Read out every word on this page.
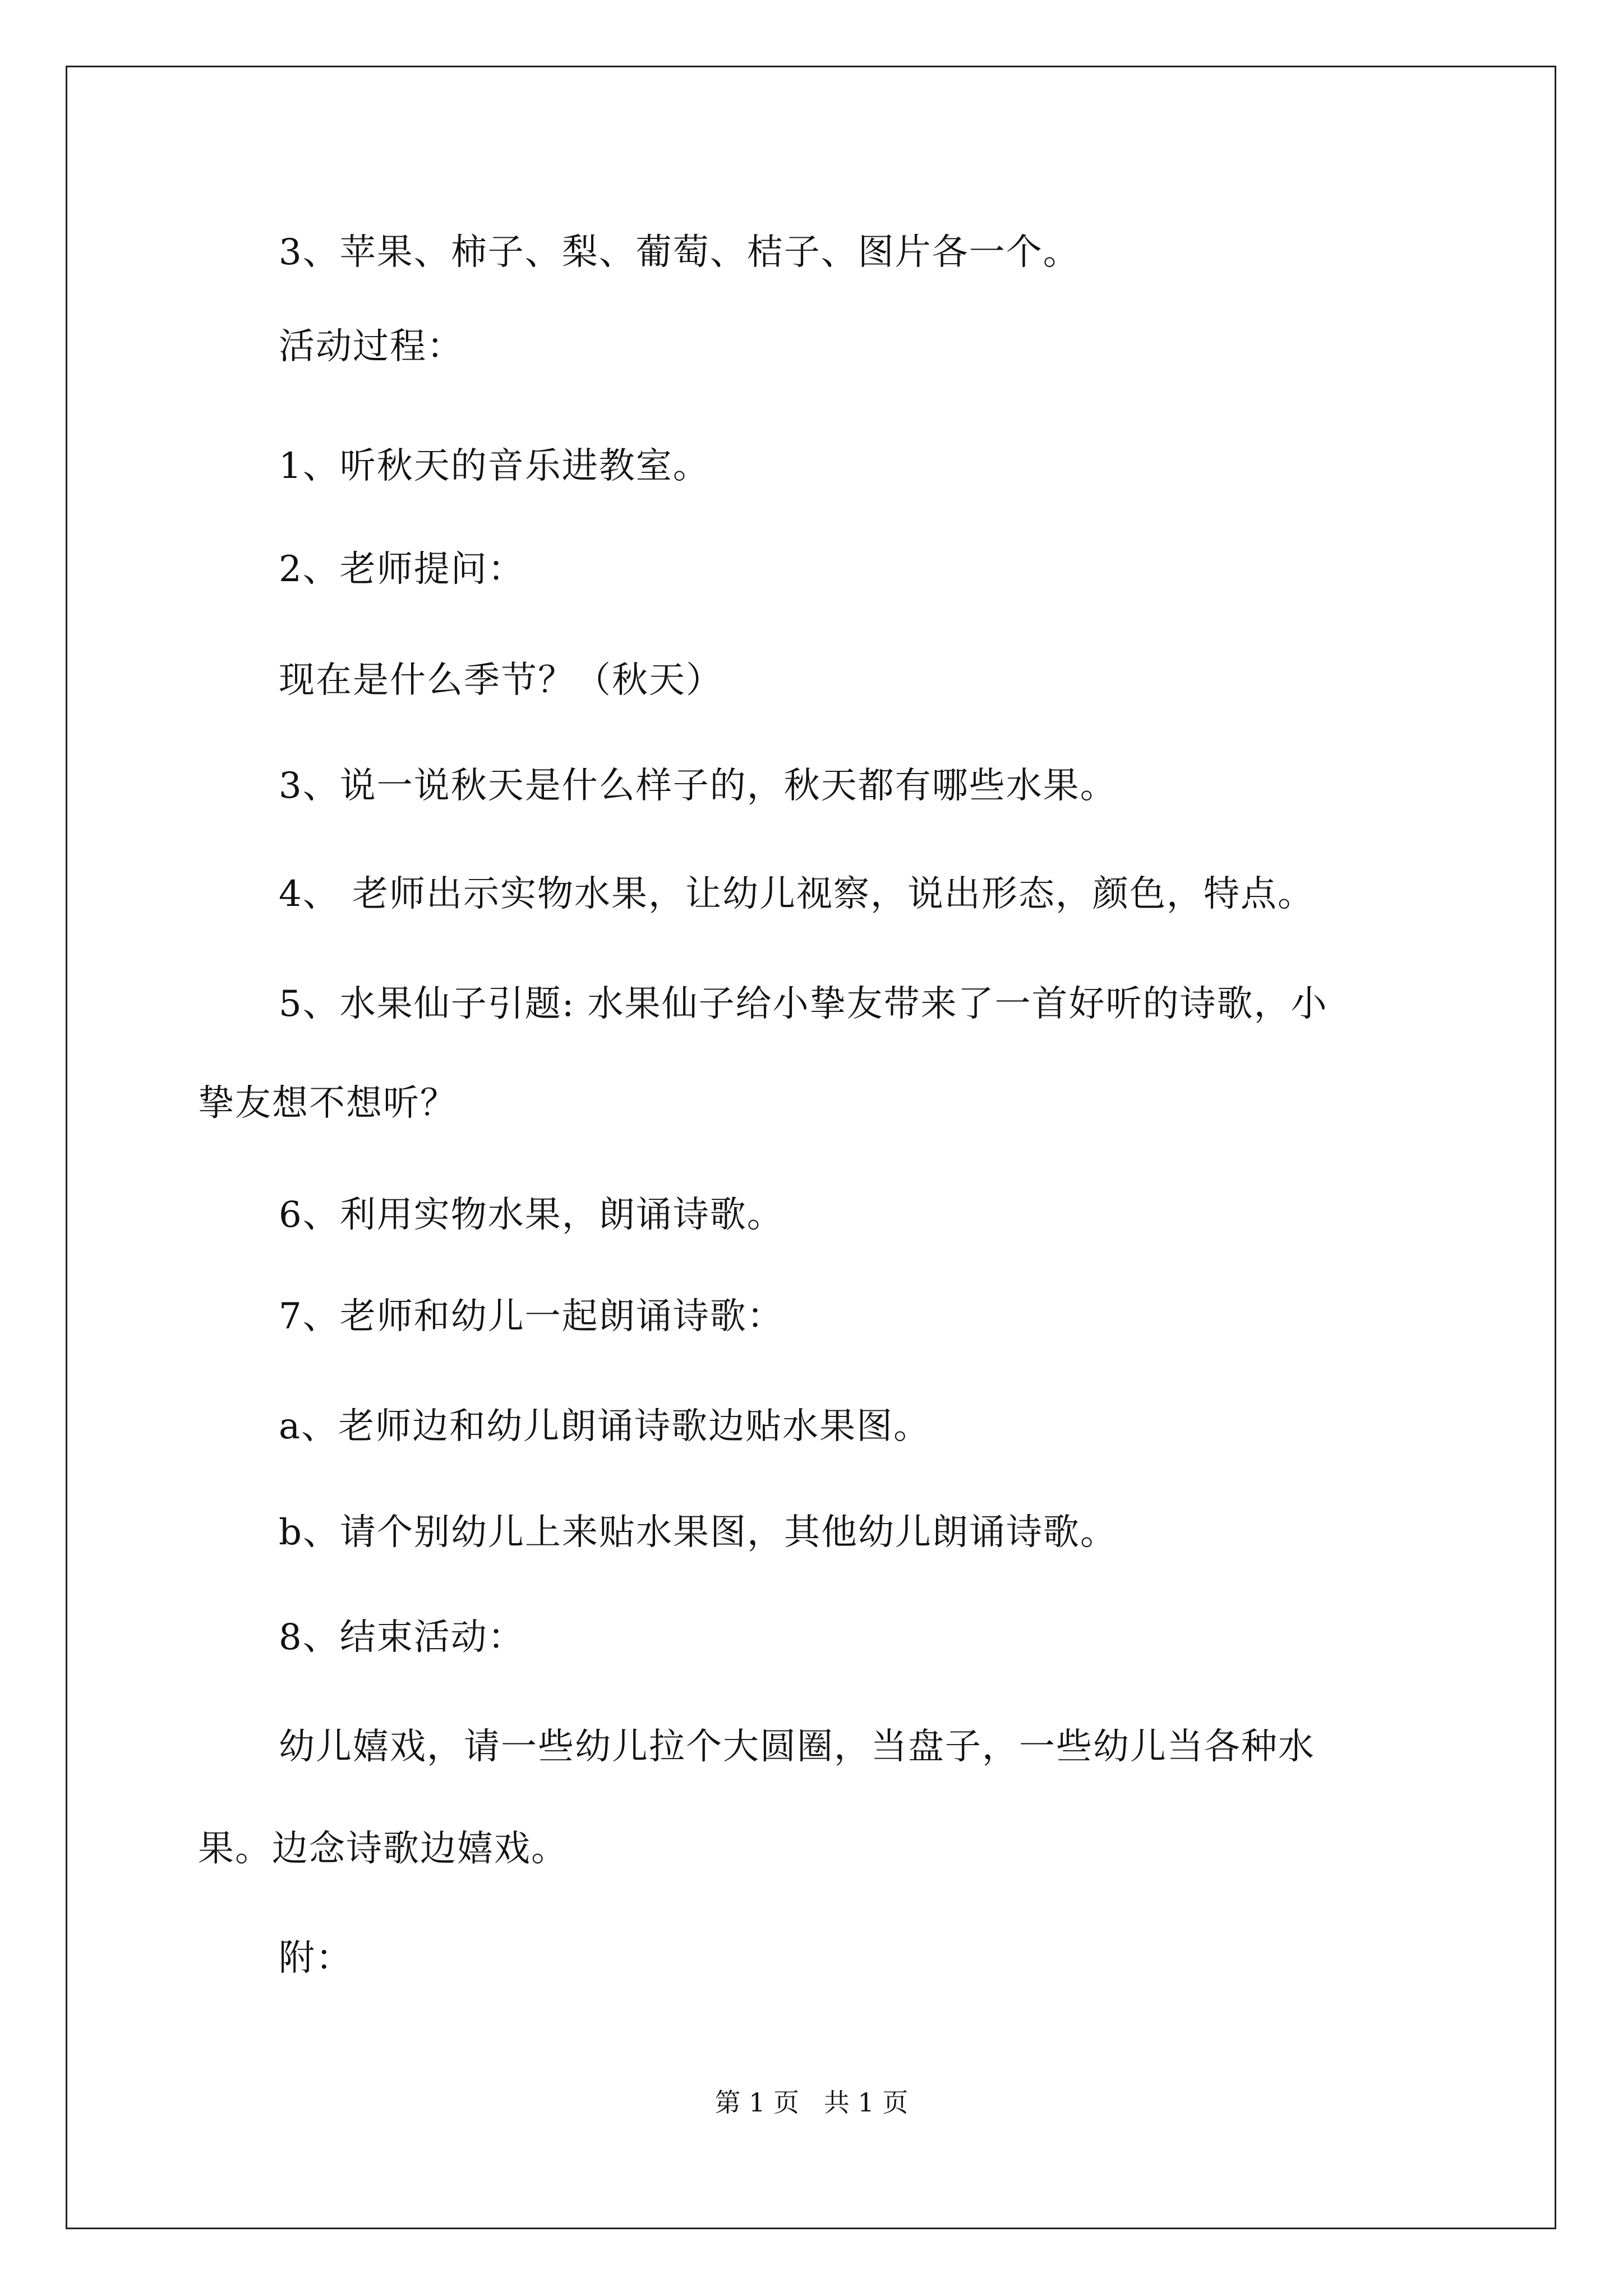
3、苹果、柿子、梨、葡萄、桔子、图片各一个。
活动过程：
1、听秋天的音乐进教室。
2、老师提问：
现在是什么季节？（秋天）
3、说一说秋天是什么样子的，秋天都有哪些水果。
4、 老师出示实物水果，让幼儿视察，说出形态，颜色，特点。
5、水果仙子引题: 水果仙子给小挚友带来了一首好听的诗歌，小
挚友想不想听？
6、利用实物水果，朗诵诗歌。
7、老师和幼儿一起朗诵诗歌：
a、老师边和幼儿朗诵诗歌边贴水果图。
b、请个别幼儿上来贴水果图，其他幼儿朗诵诗歌。
8、结束活动：
幼儿嬉戏，请一些幼儿拉个大圆圈，当盘子，一些幼儿当各种水
果。边念诗歌边嬉戏。
附：
第 1 页   共 1 页
